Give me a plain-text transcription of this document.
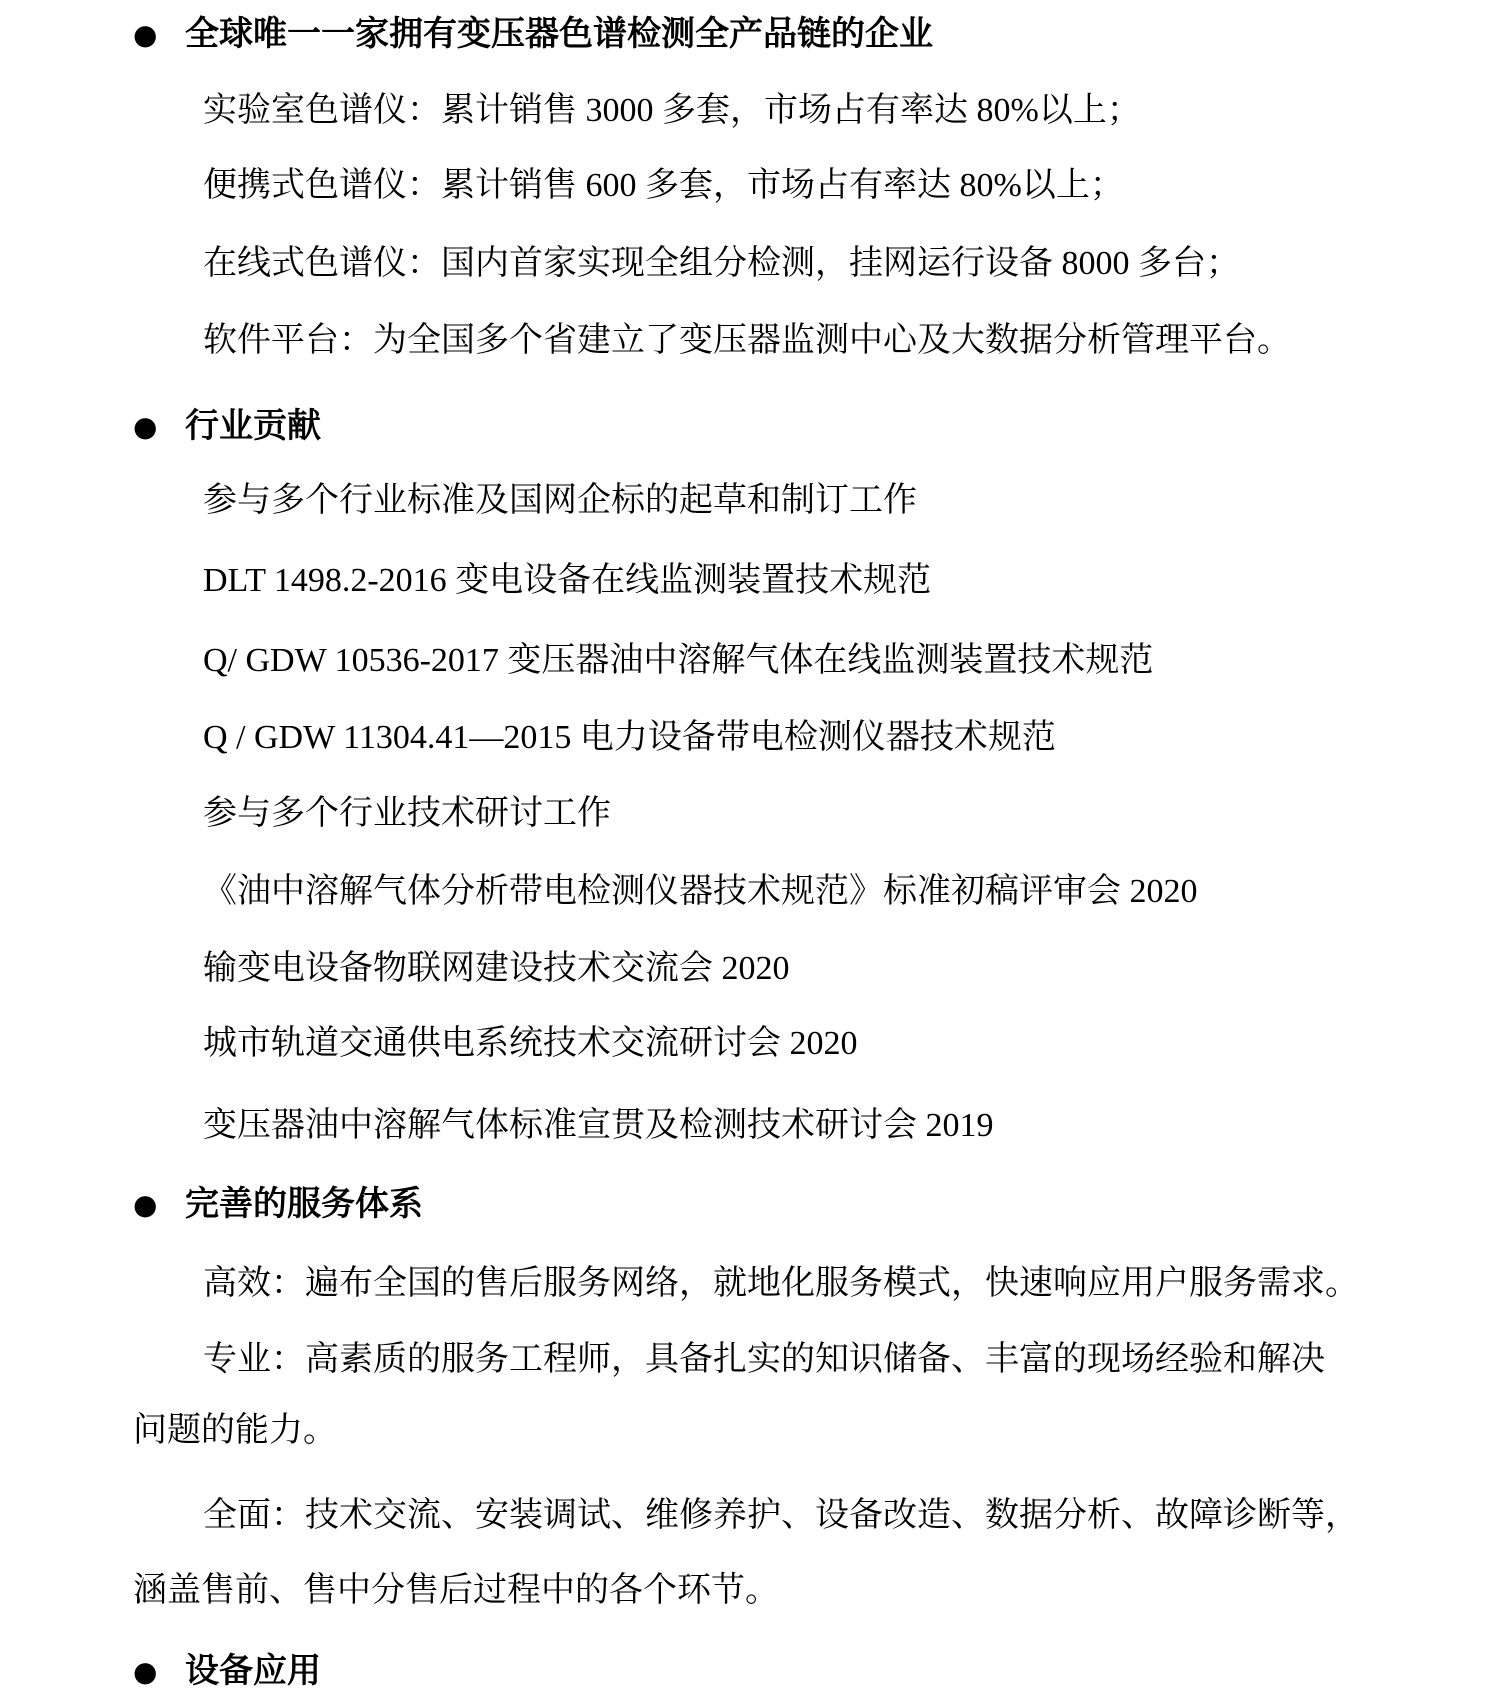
● 全球唯一一家拥有变压器色谱检测全产品链的企业
实验室色谱仪：累计销售 3000 多套，市场占有率达 80%以上；
便携式色谱仪：累计销售 600 多套，市场占有率达 80%以上；
在线式色谱仪：国内首家实现全组分检测，挂网运行设备 8000 多台；
软件平台：为全国多个省建立了变压器监测中心及大数据分析管理平台。
● 行业贡献
参与多个行业标准及国网企标的起草和制订工作
DLT 1498.2-2016 变电设备在线监测装置技术规范
Q/ GDW 10536-2017 变压器油中溶解气体在线监测装置技术规范
Q / GDW 11304.41—2015 电力设备带电检测仪器技术规范
参与多个行业技术研讨工作
《油中溶解气体分析带电检测仪器技术规范》标准初稿评审会 2020
输变电设备物联网建设技术交流会 2020
城市轨道交通供电系统技术交流研讨会 2020
变压器油中溶解气体标准宣贯及检测技术研讨会 2019
● 完善的服务体系
高效：遍布全国的售后服务网络，就地化服务模式，快速响应用户服务需求。
专业：高素质的服务工程师，具备扎实的知识储备、丰富的现场经验和解决
问题的能力。
全面：技术交流、安装调试、维修养护、设备改造、数据分析、故障诊断等，
涵盖售前、售中分售后过程中的各个环节。
● 设备应用
